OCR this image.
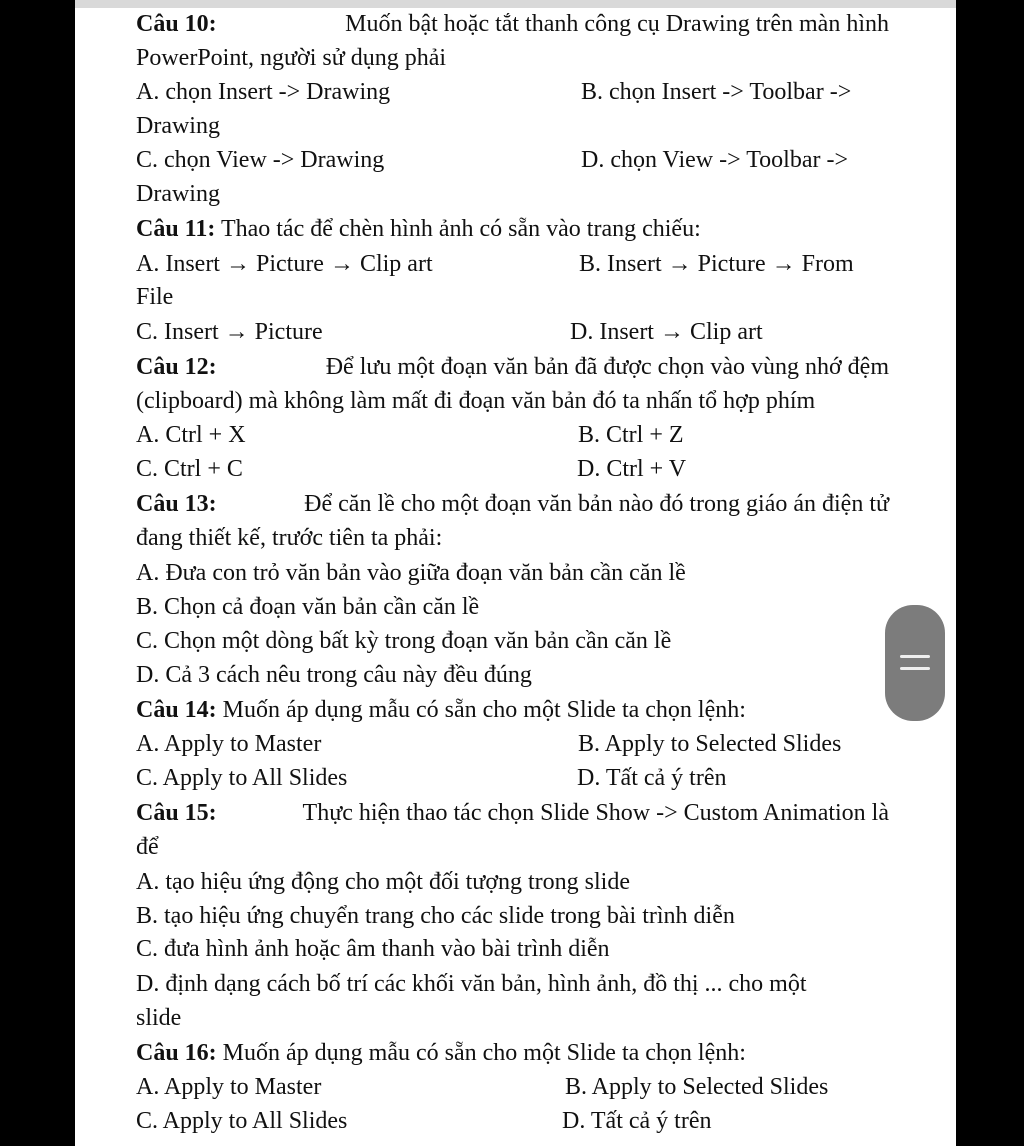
Câu 10:	Muốn bật hoặc tắt thanh công cụ Drawing trên màn hình
PowerPoint, người sử dụng phải
A. chọn Insert -> Drawing	B. chọn Insert -> Toolbar ->
Drawing
C. chọn View -> Drawing	D. chọn View -> Toolbar ->
Drawing
Câu 11: Thao tác để chèn hình ảnh có sẵn vào trang chiếu:
A. Insert → Picture → Clip art	B. Insert → Picture → From
File
C. Insert → Picture	D. Insert → Clip art
Câu 12:	Để lưu một đoạn văn bản đã được chọn vào vùng nhớ đệm
(clipboard) mà không làm mất đi đoạn văn bản đó ta nhấn tổ hợp phím
A. Ctrl + X	B. Ctrl + Z
C. Ctrl + C	D. Ctrl + V
Câu 13:	Để căn lề cho một đoạn văn bản nào đó trong giáo án điện tử
đang thiết kế, trước tiên ta phải:
A. Đưa con trỏ văn bản vào giữa đoạn văn bản cần căn lề
B. Chọn cả đoạn văn bản cần căn lề
C. Chọn một dòng bất kỳ trong đoạn văn bản cần căn lề
D. Cả 3 cách nêu trong câu này đều đúng
Câu 14: Muốn áp dụng mẫu có sẵn cho một Slide ta chọn lệnh:
A. Apply to Master	B. Apply to Selected Slides
C. Apply to All Slides	D. Tất cả ý trên
Câu 15:	Thực hiện thao tác chọn Slide Show -> Custom Animation là
để
A. tạo hiệu ứng động cho một đối tượng trong slide
B. tạo hiệu ứng chuyển trang cho các slide trong bài trình diễn
C. đưa hình ảnh hoặc âm thanh vào bài trình diễn
D. định dạng cách bố trí các khối văn bản, hình ảnh, đồ thị ... cho một
slide
Câu 16: Muốn áp dụng mẫu có sẵn cho một Slide ta chọn lệnh:
A. Apply to Master	B. Apply to Selected Slides
C. Apply to All Slides	D. Tất cả ý trên
